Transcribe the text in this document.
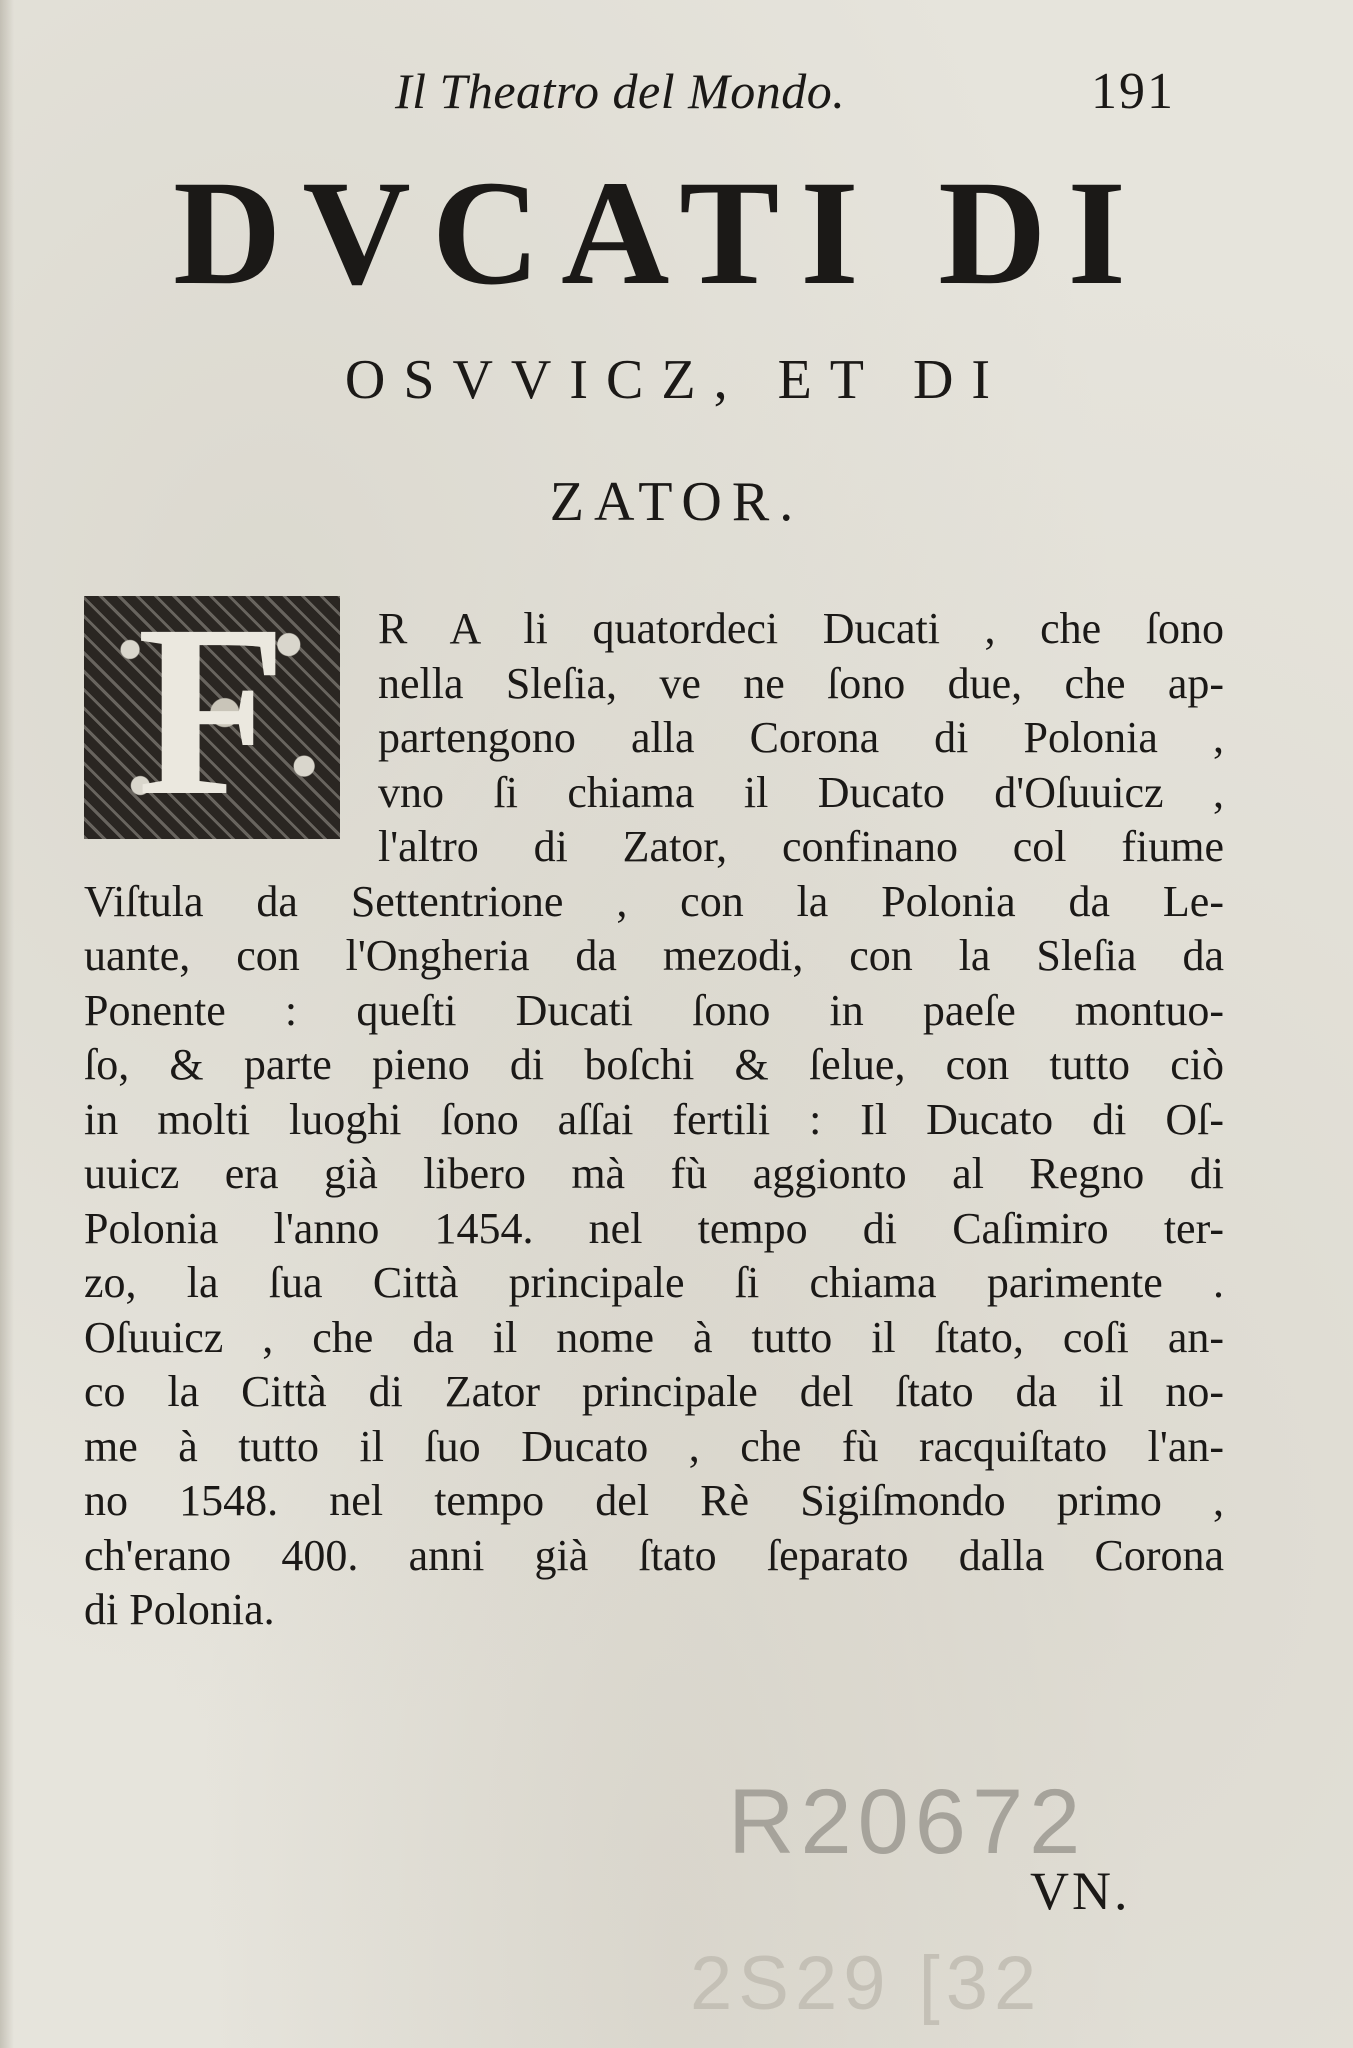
Il Theatro del Mondo.	191
DVCATI DI
OSVVICZ, ET DI
ZATOR.
F	R A li quatordeci Ducati , che ſono
nella Sleſia, ve ne ſono due, che ap-
partengono alla Corona di Polonia ,
vno ſi chiama il Ducato d'Oſuuicz ,
l'altro di Zator, confinano col fiume
Viſtula da Settentrione , con la Polonia da Le-
uante, con l'Ongheria da mezodi, con la Sleſia da
Ponente : queſti Ducati ſono in paeſe montuo-
ſo, & parte pieno di boſchi & ſelue, con tutto ciò
in molti luoghi ſono aſſai fertili : Il Ducato di Oſ-
uuicz era già libero mà fù aggionto al Regno di
Polonia l'anno 1454. nel tempo di Caſimiro ter-
zo, la ſua Città principale ſi chiama parimente .
Oſuuicz , che da il nome à tutto il ſtato, coſi an-
co la Città di Zator principale del ſtato da il no-
me à tutto il ſuo Ducato , che fù racquiſtato l'an-
no 1548. nel tempo del Rè Sigiſmondo primo ,
ch'erano 400. anni già ſtato ſeparato dalla Corona
di Polonia.
R20672
2S29 [32
VN.
